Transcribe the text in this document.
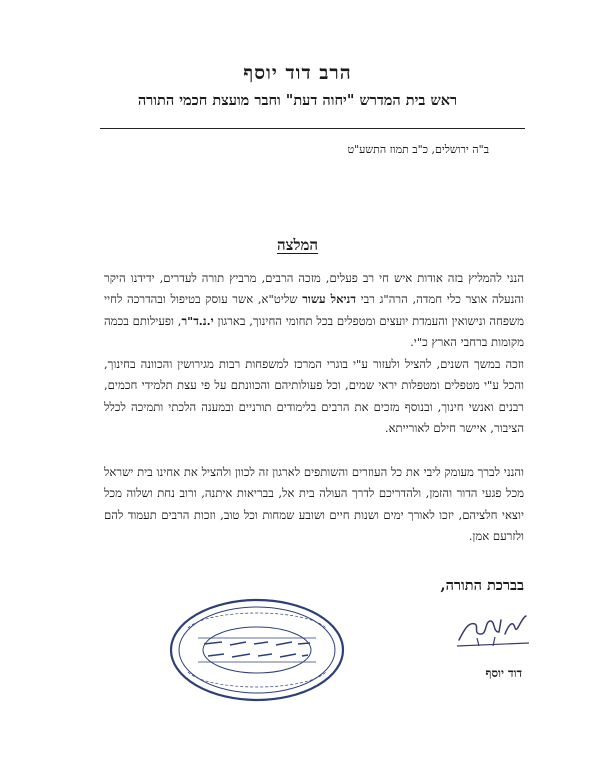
הרב דוד יוסף
ראש בית המדרש "יחוה דעת" וחבר מועצת חכמי התורה
ב"ה ירושלים, כ"ב תמוז התשע"ט
המלצה
הנני להמליץ בזה אודות איש חי רב פעלים, מזכה הרבים, מרביץ תורה לעדרים, ידידנו היקר והנעלה אוצר כלי חמדה, הרה"ג רבי דניאל עשור שליט"א, אשר עוסק בטיפול ובהדרכה לחיי משפחה ונישואין והעמדת יועצים ומטפלים בכל תחומי החינוך, בארגון י.נ.ד"ר, ופעילותם בכמה מקומות ברחבי הארץ כ"י.
וזכה במשך השנים, להציל ולעזור ע"י בוגרי המרכז למשפחות רבות מגירושין והכוונה בחינוך, והכל ע"י מטפלים ומטפלות יראי שמים, וכל פעולותיהם והכוונתם על פי עצת תלמידי חכמים, רבנים ואנשי חינוך, ובנוסף מזכים את הרבים בלימודים תורניים ובמענה הלכתי ותמיכה לכלל הציבור, איישר חילם לאורייתא.
והנני לברך מעומק ליבי את כל העוזרים והשותפים לארגון זה לכוון ולהציל את אחינו בית ישראל מכל פגעי הדור והזמן, ולהדריכם לדרך העולה בית אל, בבריאות איתנה, ורוב נחת ושלוה מכל יוצאי חלציהם, יזכו לאורך ימים ושנות חיים ושובע שמחות וכל טוב, וזכות הרבים תעמוד להם ולזרעם אמן.
בברכת התורה,
דוד יוסף
